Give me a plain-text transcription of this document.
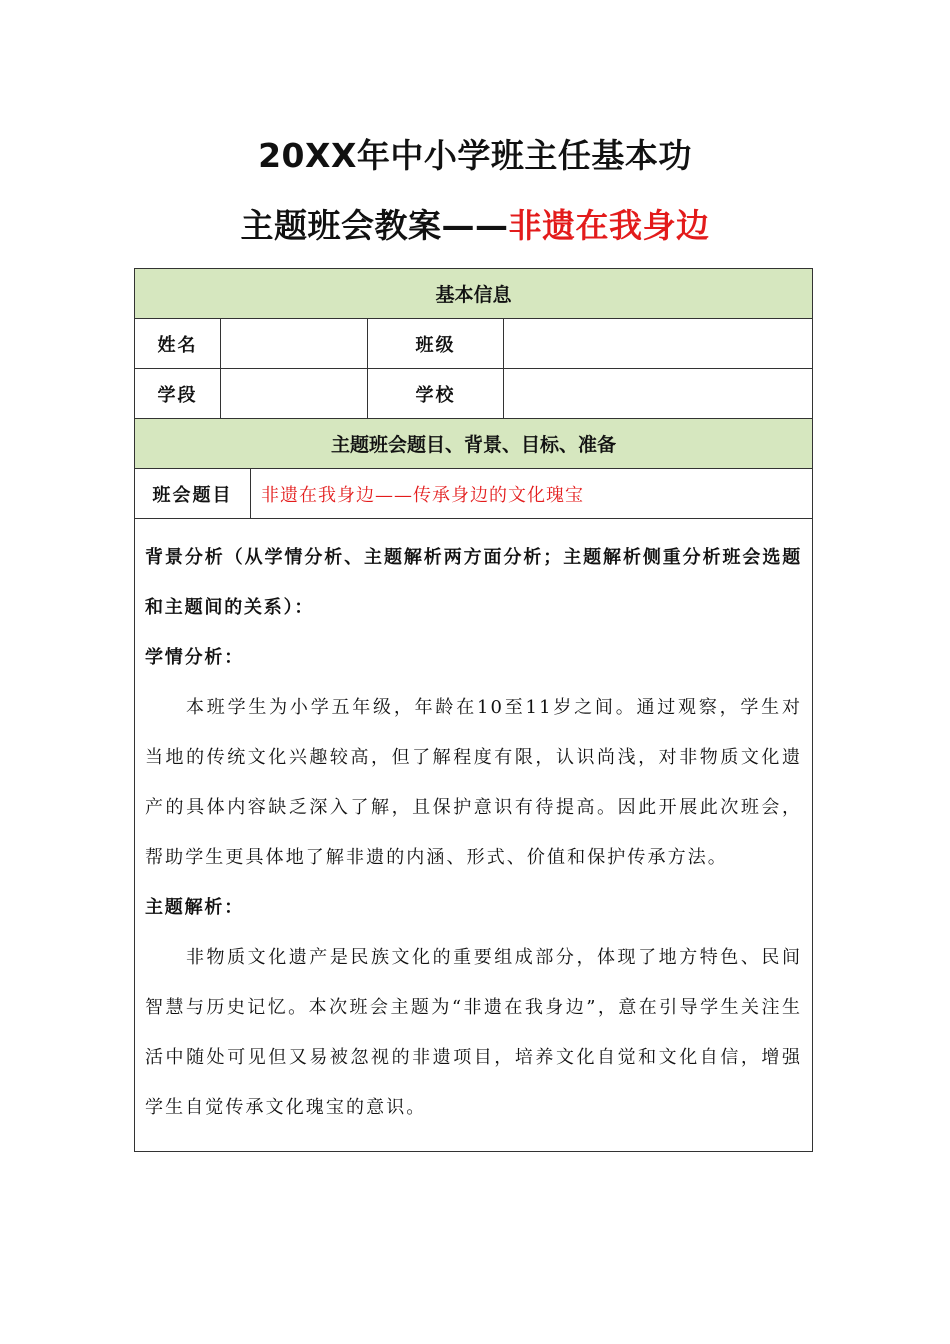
20XX年中小学班主任基本功
主题班会教案——非遗在我身边
基本信息				
姓名			班级	
学段			学校	
主题班会题目、背景、目标、准备				
班会题目		非遗在我身边——传承身边的文化瑰宝		

背景分析（从学情分析、主题解析两方面分析；主题解析侧重分析班会选题和主题间的关系）：

学情分析：

本班学生为小学五年级，年龄在10至11岁之间。通过观察，学生对当地的传统文化兴趣较高，但了解程度有限，认识尚浅，对非物质文化遗产的具体内容缺乏深入了解，且保护意识有待提高。因此开展此次班会，帮助学生更具体地了解非遗的内涵、形式、价值和保护传承方法。

主题解析：

非物质文化遗产是民族文化的重要组成部分，体现了地方特色、民间智慧与历史记忆。本次班会主题为“非遗在我身边”，意在引导学生关注生活中随处可见但又易被忽视的非遗项目，培养文化自觉和文化自信，增强学生自觉传承文化瑰宝的意识。				
